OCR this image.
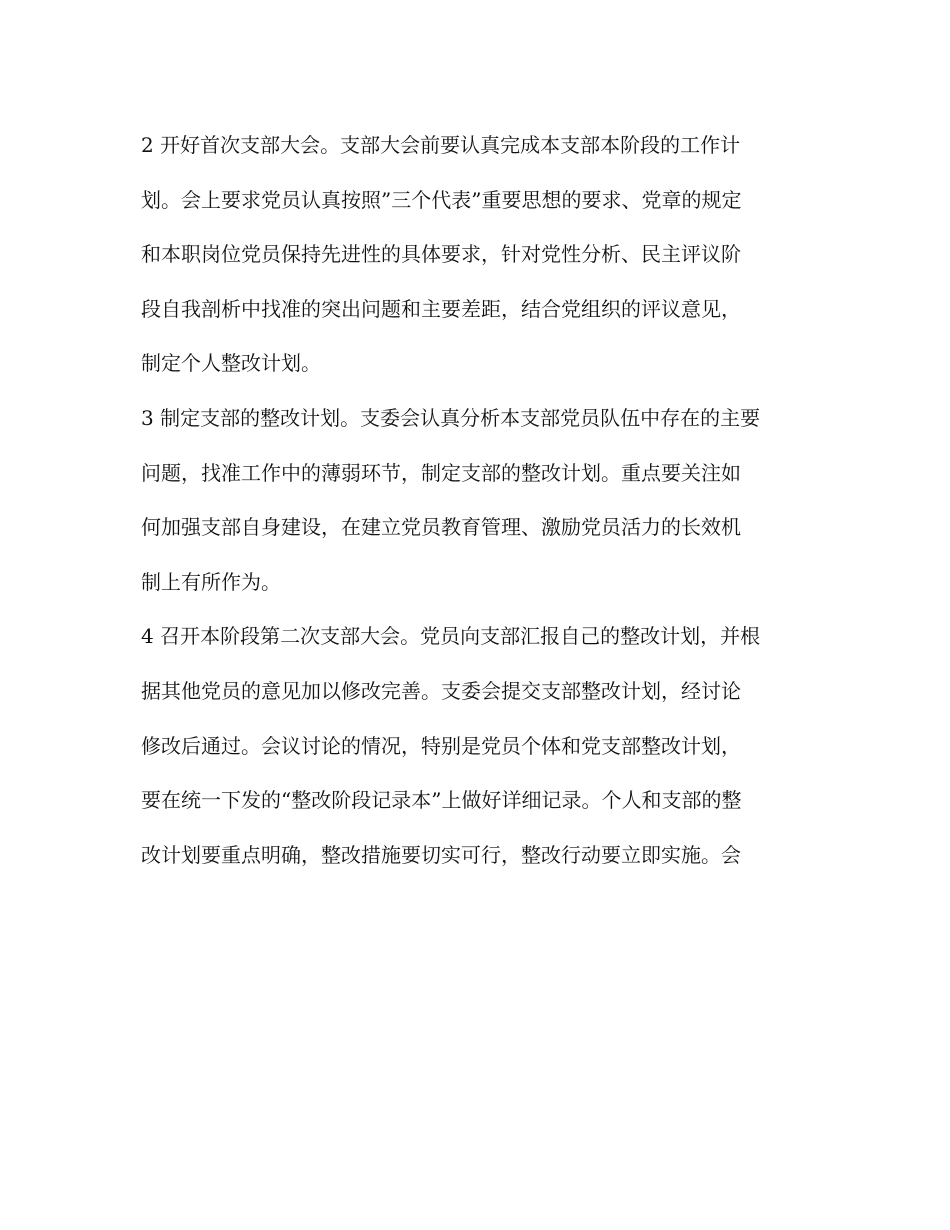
2 开好首次支部大会。支部大会前要认真完成本支部本阶段的工作计
划。会上要求党员认真按照”三个代表”重要思想的要求、党章的规定
和本职岗位党员保持先进性的具体要求，针对党性分析、民主评议阶
段自我剖析中找准的突出问题和主要差距，结合党组织的评议意见，
制定个人整改计划。
3 制定支部的整改计划。支委会认真分析本支部党员队伍中存在的主要
问题，找准工作中的薄弱环节，制定支部的整改计划。重点要关注如
何加强支部自身建设，在建立党员教育管理、激励党员活力的长效机
制上有所作为。
4 召开本阶段第二次支部大会。党员向支部汇报自己的整改计划，并根
据其他党员的意见加以修改完善。支委会提交支部整改计划，经讨论
修改后通过。会议讨论的情况，特别是党员个体和党支部整改计划，
要在统一下发的“整改阶段记录本”上做好详细记录。个人和支部的整
改计划要重点明确，整改措施要切实可行，整改行动要立即实施。会
